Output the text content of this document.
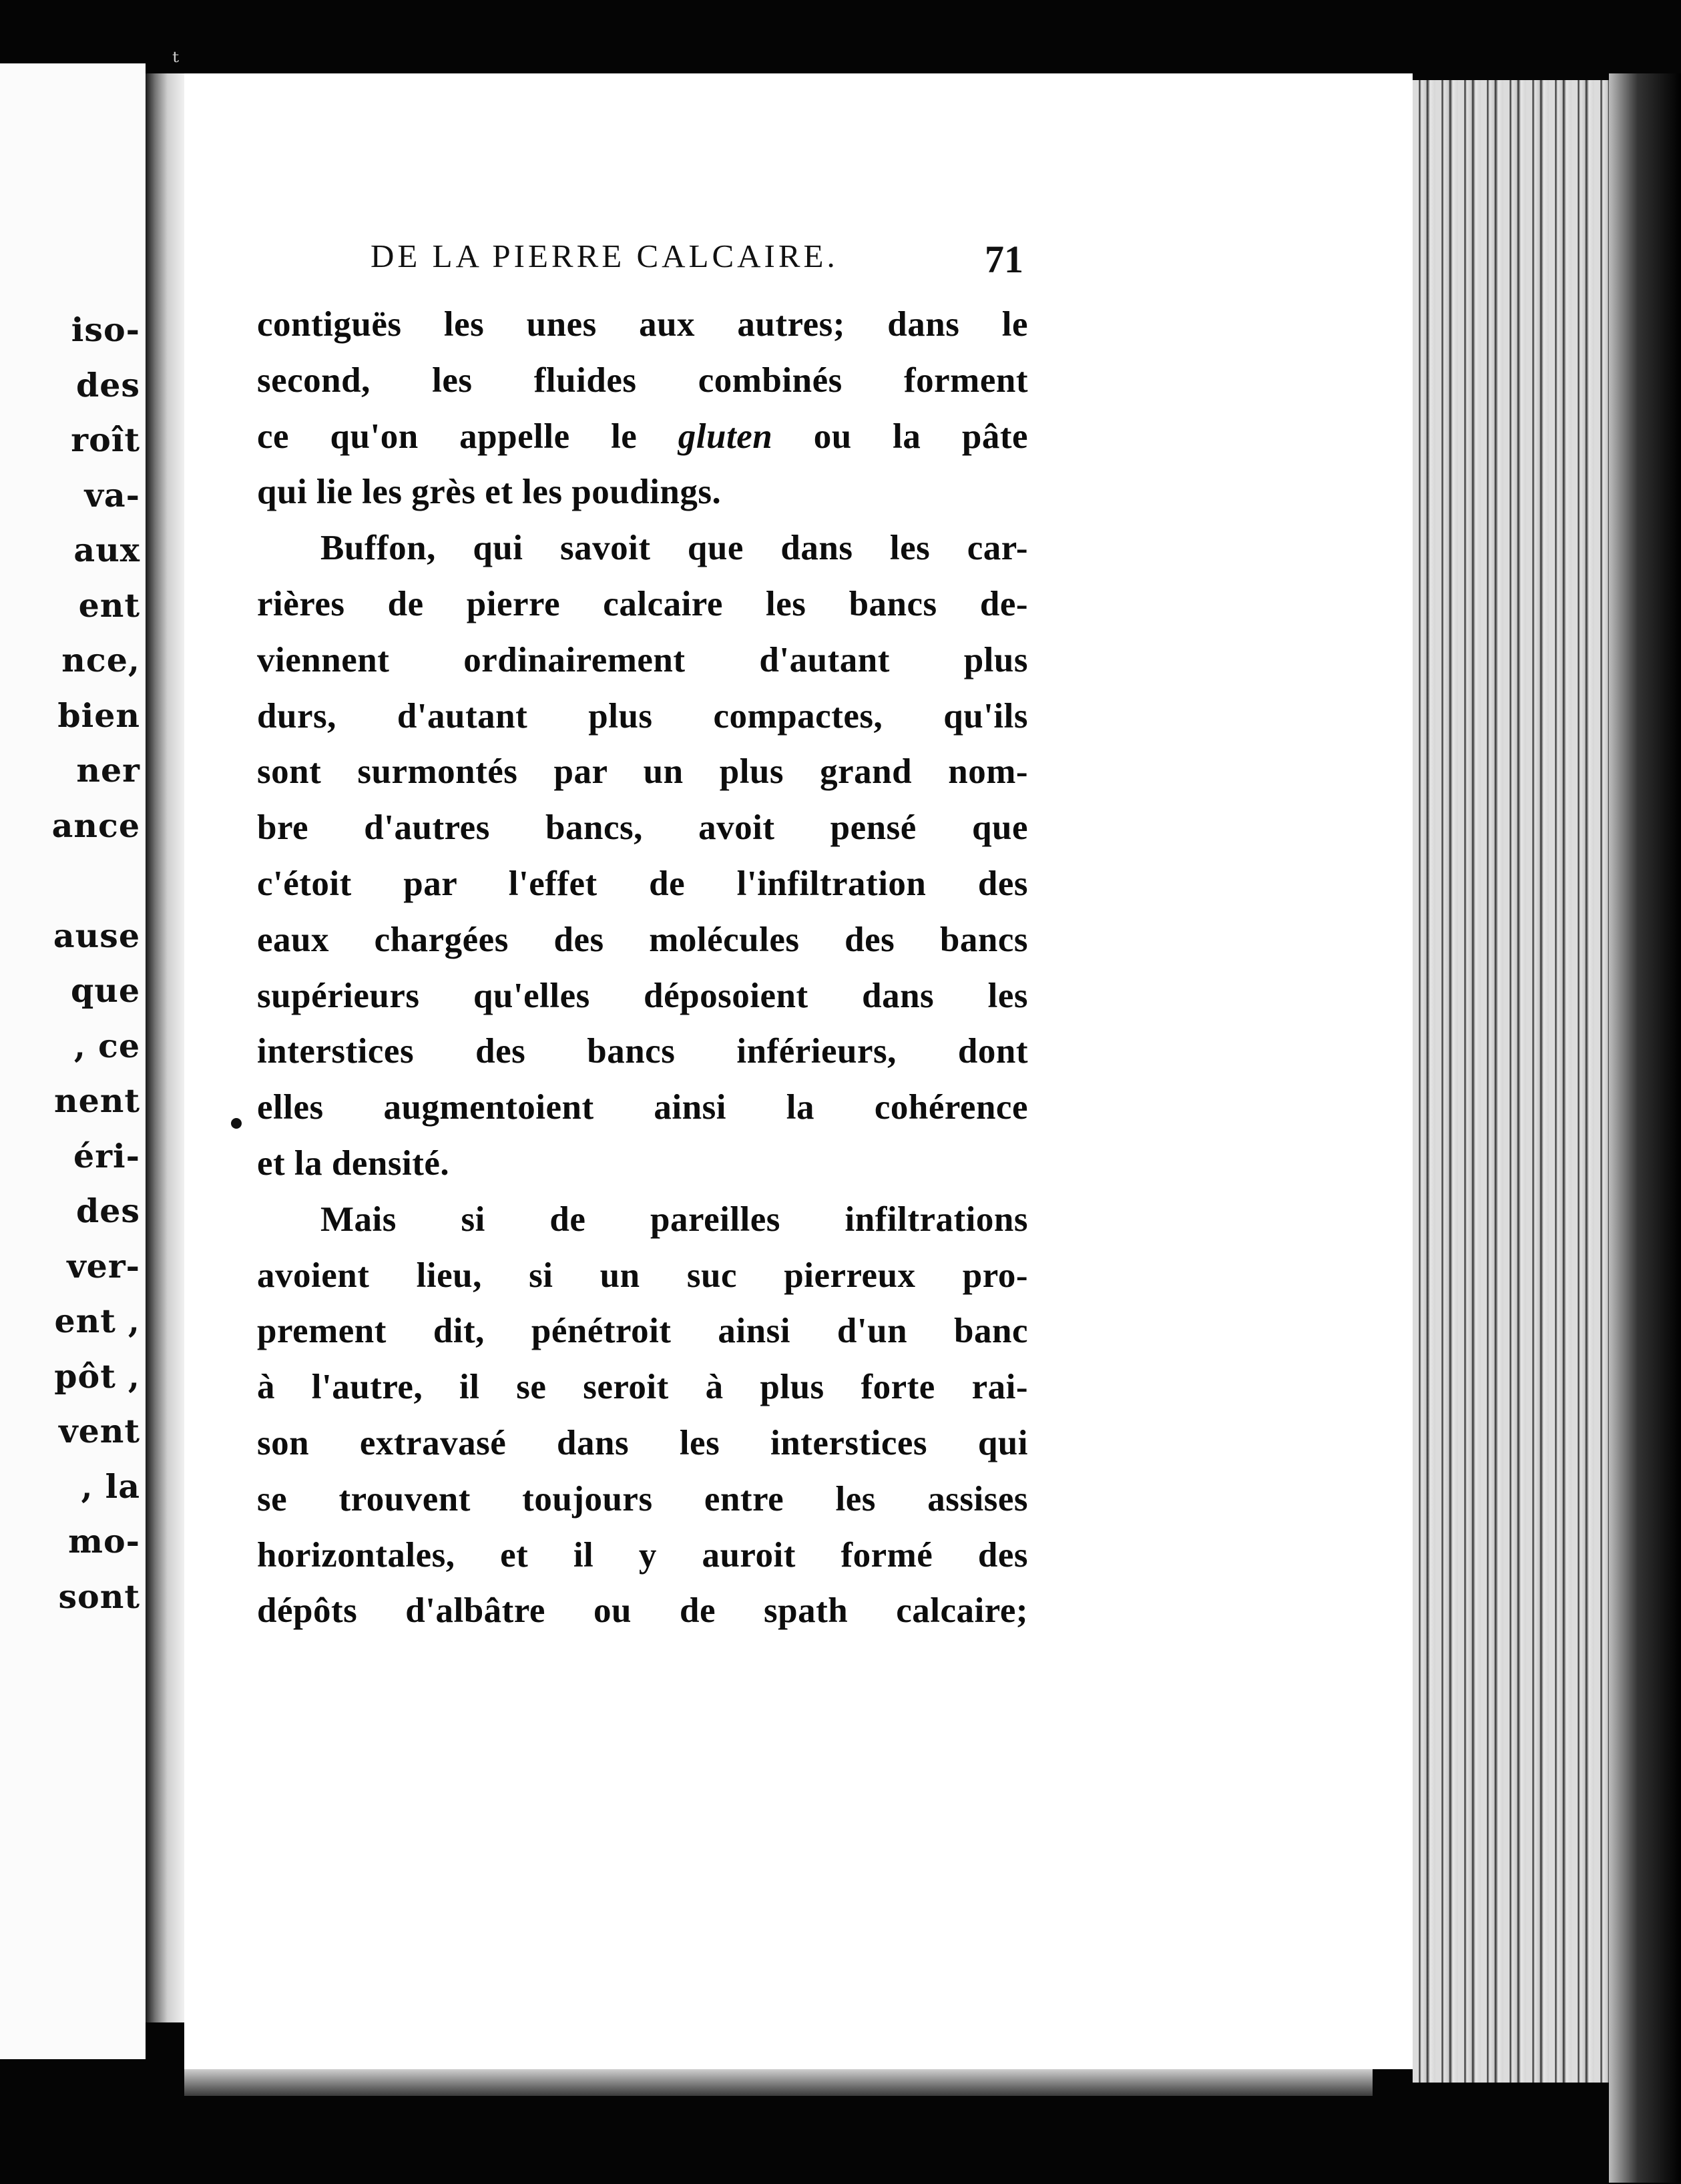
iso-
des
roît
va-
aux
ent
nce,
bien
ner
ance
ause
que
, ce
nent
éri-
des
ver-
ent ,
pôt ,
vent
, la
mo-
sont
ᵗ
DE LA PIERRE CALCAIRE.	71
contiguës les unes aux autres; dans le
second, les fluides combinés forment
ce qu'on appelle le gluten ou la pâte
qui lie les grès et les poudings.
Buffon, qui savoit que dans les car-
rières de pierre calcaire les bancs de-
viennent ordinairement d'autant plus
durs, d'autant plus compactes, qu'ils
sont surmontés par un plus grand nom-
bre d'autres bancs, avoit pensé que
c'étoit par l'effet de l'infiltration des
eaux chargées des molécules des bancs
supérieurs qu'elles déposoient dans les
interstices des bancs inférieurs, dont
elles augmentoient ainsi la cohérence
et la densité.
Mais si de pareilles infiltrations
avoient lieu, si un suc pierreux pro-
prement dit, pénétroit ainsi d'un banc
à l'autre, il se seroit à plus forte rai-
son extravasé dans les interstices qui
se trouvent toujours entre les assises
horizontales, et il y auroit formé des
dépôts d'albâtre ou de spath calcaire;
